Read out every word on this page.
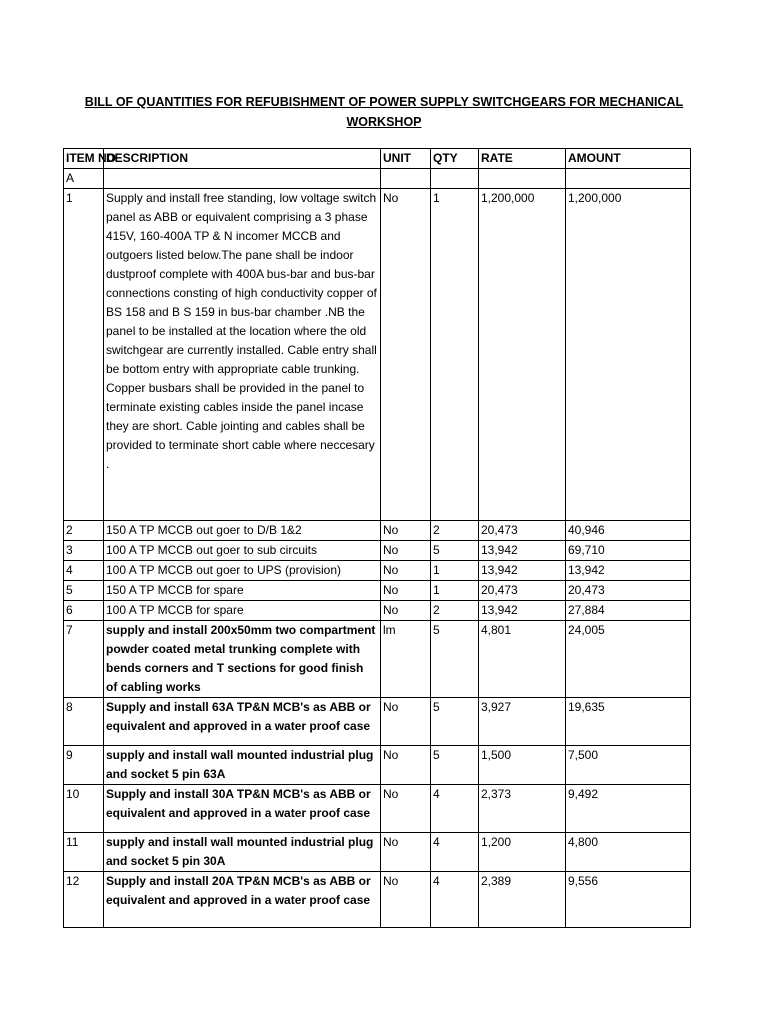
BILL OF QUANTITIES FOR REFUBISHMENT OF POWER SUPPLY SWITCHGEARS FOR MECHANICAL
WORKSHOP
ITEM NO	DESCRIPTION	UNIT	QTY	RATE	AMOUNT
A					
1	Supply and install free standing, low voltage switch panel as ABB or equivalent comprising a 3 phase 415V, 160-400A TP & N incomer MCCB and outgoers listed below.The pane shall be indoor dustproof complete with 400A bus-bar and bus-bar connections consting of high conductivity copper of BS 158 and B S 159 in bus-bar chamber .NB the panel to be installed at the location where the old switchgear are currently installed. Cable entry shall be bottom entry with appropriate cable trunking. Copper busbars shall be provided in the panel to terminate existing cables inside the panel incase they are short. Cable jointing and cables shall be provided to terminate short cable where neccesary .	No	1	1,200,000	1,200,000
2	150 A TP MCCB out goer to D/B 1&2	No	2	20,473	40,946
3	100 A TP MCCB out goer to sub circuits	No	5	13,942	69,710
4	100 A TP MCCB out goer to UPS (provision)	No	1	13,942	13,942
5	150 A TP MCCB for spare	No	1	20,473	20,473
6	100 A TP MCCB for spare	No	2	13,942	27,884
7	supply and install 200x50mm two compartment powder coated metal trunking complete with bends corners and T sections for good finish of cabling works	lm	5	4,801	24,005
8	Supply and install 63A TP&N MCB's as ABB or equivalent and approved in a water proof case	No	5	3,927	19,635
9	supply and install wall mounted industrial plug and socket 5 pin 63A	No	5	1,500	7,500
10	Supply and install 30A TP&N MCB's as ABB or equivalent and approved in a water proof case	No	4	2,373	9,492
11	supply and install wall mounted industrial plug and socket 5 pin 30A	No	4	1,200	4,800
12	Supply and install 20A TP&N MCB's as ABB or equivalent and approved in a water proof case	No	4	2,389	9,556
